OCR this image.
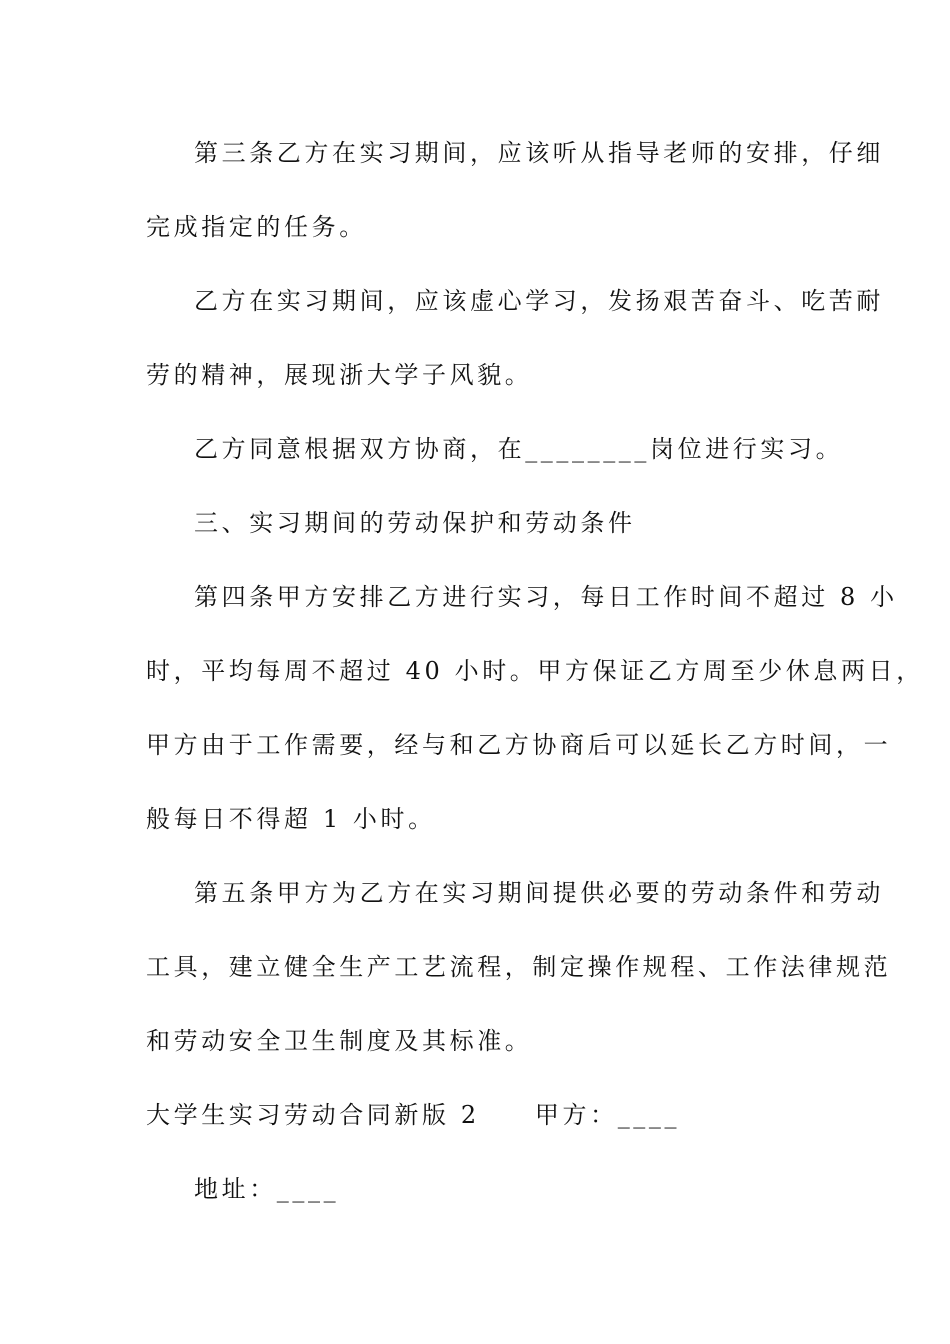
第三条乙方在实习期间，应该听从指导老师的安排，仔细
完成指定的任务。
乙方在实习期间，应该虚心学习，发扬艰苦奋斗、吃苦耐
劳的精神，展现浙大学子风貌。
乙方同意根据双方协商，在________岗位进行实习。
三、实习期间的劳动保护和劳动条件
第四条甲方安排乙方进行实习，每日工作时间不超过 8 小
时，平均每周不超过 40 小时。甲方保证乙方周至少休息两日，
甲方由于工作需要，经与和乙方协商后可以延长乙方时间，一
般每日不得超 1 小时。
第五条甲方为乙方在实习期间提供必要的劳动条件和劳动
工具，建立健全生产工艺流程，制定操作规程、工作法律规范
和劳动安全卫生制度及其标准。
大学生实习劳动合同新版 2　　甲方：____
地址：____
